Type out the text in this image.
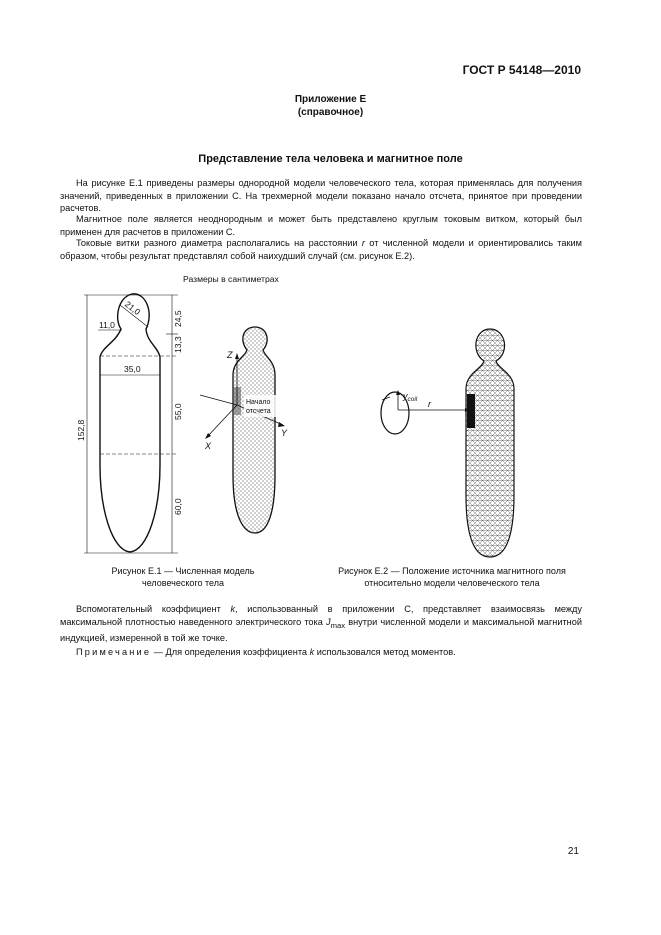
ГОСТ Р 54148—2010
Приложение Е
(справочное)
Представление тела человека и магнитное поле
На рисунке Е.1 приведены размеры однородной модели человеческого тела, которая применялась для получения значений, приведенных в приложении С. На трехмерной модели показано начало отсчета, принятое при проведении расчетов.
Магнитное поле является неоднородным и может быть представлено круглым токовым витком, который был применен для расчетов в приложении С.
Токовые витки разного диаметра располагались на расстоянии r от численной модели и ориентировались таким образом, чтобы результат представлял собой наихудший случай (см. рисунок Е.2).
Размеры в сантиметрах
21,0
11,0
35,0
24,5
13,3
55,0
60,0
152,8
Z
Y
X
Начало
отсчета
$y_{coil}$ r
Рисунок Е.1 — Численная модель
человеческого тела
Рисунок Е.2 — Положение источника магнитного поля
относительно модели человеческого тела
Вспомогательный коэффициент k, использованный в приложении С, представляет взаимосвязь между максимальной плотностью наведенного электрического тока $J_{max}$ внутри численной модели и максимальной магнитной индукцией, измеренной в той же точке.
Примечание — Для определения коэффициента k использовался метод моментов.
21
